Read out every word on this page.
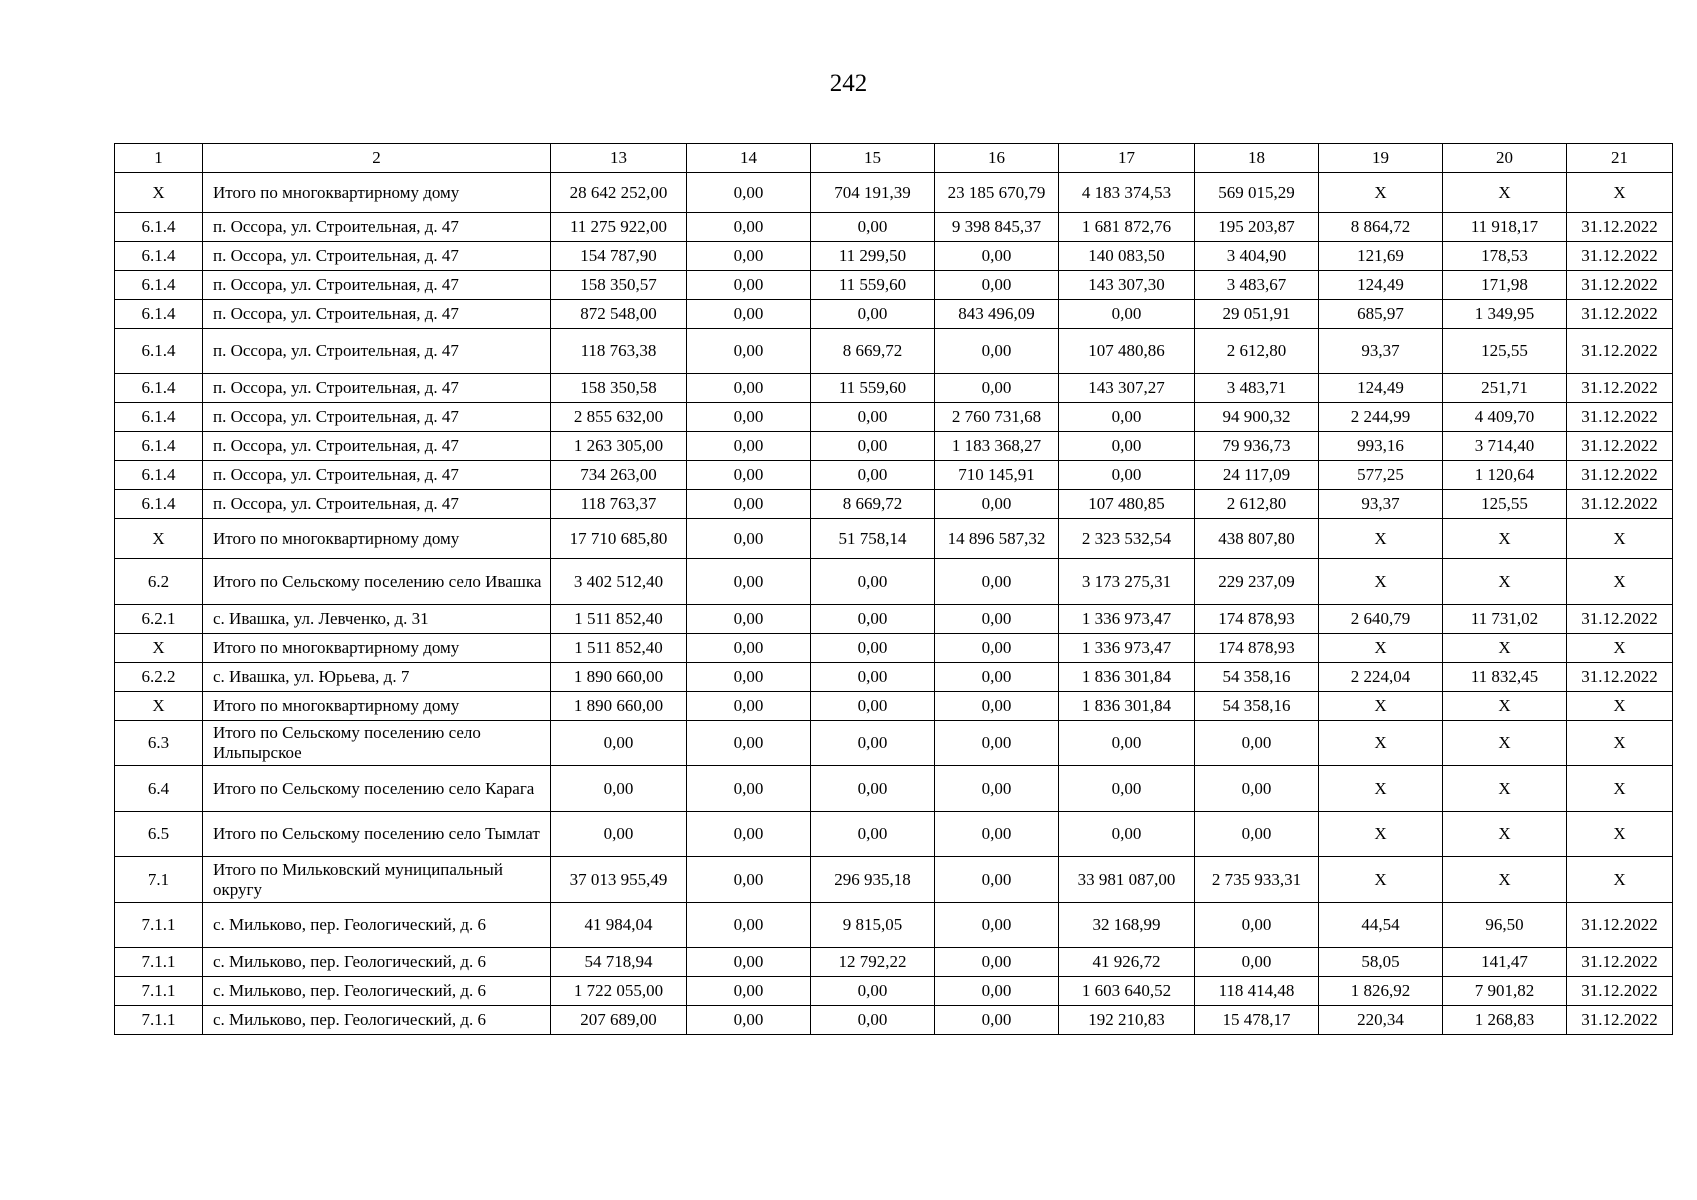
242
1	2	13	14	15	16	17	18	19	20	21
Х	Итого по многоквартирному дому	28 642 252,00	0,00	704 191,39	23 185 670,79	4 183 374,53	569 015,29	Х	Х	Х
6.1.4	п. Оссора, ул. Строительная, д. 47	11 275 922,00	0,00	0,00	9 398 845,37	1 681 872,76	195 203,87	8 864,72	11 918,17	31.12.2022
6.1.4	п. Оссора, ул. Строительная, д. 47	154 787,90	0,00	11 299,50	0,00	140 083,50	3 404,90	121,69	178,53	31.12.2022
6.1.4	п. Оссора, ул. Строительная, д. 47	158 350,57	0,00	11 559,60	0,00	143 307,30	3 483,67	124,49	171,98	31.12.2022
6.1.4	п. Оссора, ул. Строительная, д. 47	872 548,00	0,00	0,00	843 496,09	0,00	29 051,91	685,97	1 349,95	31.12.2022
6.1.4	п. Оссора, ул. Строительная, д. 47	118 763,38	0,00	8 669,72	0,00	107 480,86	2 612,80	93,37	125,55	31.12.2022
6.1.4	п. Оссора, ул. Строительная, д. 47	158 350,58	0,00	11 559,60	0,00	143 307,27	3 483,71	124,49	251,71	31.12.2022
6.1.4	п. Оссора, ул. Строительная, д. 47	2 855 632,00	0,00	0,00	2 760 731,68	0,00	94 900,32	2 244,99	4 409,70	31.12.2022
6.1.4	п. Оссора, ул. Строительная, д. 47	1 263 305,00	0,00	0,00	1 183 368,27	0,00	79 936,73	993,16	3 714,40	31.12.2022
6.1.4	п. Оссора, ул. Строительная, д. 47	734 263,00	0,00	0,00	710 145,91	0,00	24 117,09	577,25	1 120,64	31.12.2022
6.1.4	п. Оссора, ул. Строительная, д. 47	118 763,37	0,00	8 669,72	0,00	107 480,85	2 612,80	93,37	125,55	31.12.2022
Х	Итого по многоквартирному дому	17 710 685,80	0,00	51 758,14	14 896 587,32	2 323 532,54	438 807,80	Х	Х	Х
6.2	Итого по Сельскому поселению село Ивашка	3 402 512,40	0,00	0,00	0,00	3 173 275,31	229 237,09	Х	Х	Х
6.2.1	с. Ивашка, ул. Левченко, д. 31	1 511 852,40	0,00	0,00	0,00	1 336 973,47	174 878,93	2 640,79	11 731,02	31.12.2022
Х	Итого по многоквартирному дому	1 511 852,40	0,00	0,00	0,00	1 336 973,47	174 878,93	Х	Х	Х
6.2.2	с. Ивашка, ул. Юрьева, д. 7	1 890 660,00	0,00	0,00	0,00	1 836 301,84	54 358,16	2 224,04	11 832,45	31.12.2022
Х	Итого по многоквартирному дому	1 890 660,00	0,00	0,00	0,00	1 836 301,84	54 358,16	Х	Х	Х
6.3	Итого по Сельскому поселению село Ильпырское	0,00	0,00	0,00	0,00	0,00	0,00	Х	Х	Х
6.4	Итого по Сельскому поселению село Карага	0,00	0,00	0,00	0,00	0,00	0,00	Х	Х	Х
6.5	Итого по Сельскому поселению село Тымлат	0,00	0,00	0,00	0,00	0,00	0,00	Х	Х	Х
7.1	Итого по Мильковский муниципальный округу	37 013 955,49	0,00	296 935,18	0,00	33 981 087,00	2 735 933,31	Х	Х	Х
7.1.1	с. Мильково, пер. Геологический, д. 6	41 984,04	0,00	9 815,05	0,00	32 168,99	0,00	44,54	96,50	31.12.2022
7.1.1	с. Мильково, пер. Геологический, д. 6	54 718,94	0,00	12 792,22	0,00	41 926,72	0,00	58,05	141,47	31.12.2022
7.1.1	с. Мильково, пер. Геологический, д. 6	1 722 055,00	0,00	0,00	0,00	1 603 640,52	118 414,48	1 826,92	7 901,82	31.12.2022
7.1.1	с. Мильково, пер. Геологический, д. 6	207 689,00	0,00	0,00	0,00	192 210,83	15 478,17	220,34	1 268,83	31.12.2022
